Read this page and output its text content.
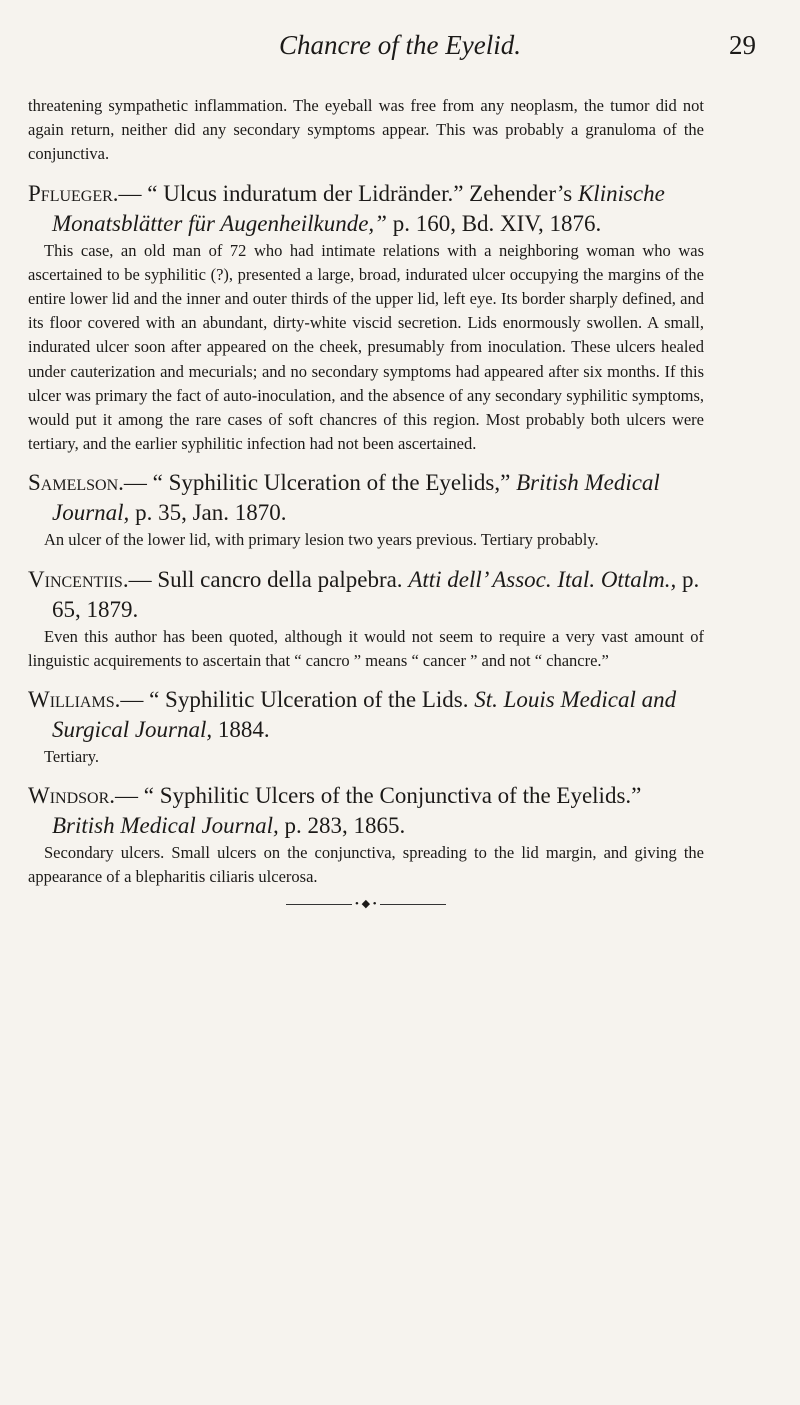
Chancre of the Eyelid.	29

threatening sympathetic inflammation. The eyeball was free from any neoplasm, the tumor did not again return, neither did any secondary symptoms appear. This was probably a granuloma of the conjunctiva.

Pflueger.— “ Ulcus induratum der Lidränder.” Zehender’s Klinische Monatsblätter für Augenheilkunde,” p. 160, Bd. XIV, 1876.

This case, an old man of 72 who had intimate relations with a neighboring woman who was ascertained to be syphilitic (?), presented a large, broad, indurated ulcer occupying the margins of the entire lower lid and the inner and outer thirds of the upper lid, left eye. Its border sharply defined, and its floor covered with an abundant, dirty-white viscid secretion. Lids enormously swollen. A small, indurated ulcer soon after appeared on the cheek, presumably from inoculation. These ulcers healed under cauterization and mecurials; and no secondary symptoms had appeared after six months. If this ulcer was primary the fact of auto-inoculation, and the absence of any secondary syphilitic symptoms, would put it among the rare cases of soft chancres of this region. Most probably both ulcers were tertiary, and the earlier syphilitic infection had not been ascertained.

Samelson.— “ Syphilitic Ulceration of the Eyelids,” British Medical Journal, p. 35, Jan. 1870.

An ulcer of the lower lid, with primary lesion two years previous. Tertiary probably.

Vincentiis.— Sull cancro della palpebra. Atti dell’ Assoc. Ital. Ottalm., p. 65, 1879.

Even this author has been quoted, although it would not seem to require a very vast amount of linguistic acquirements to ascertain that “ cancro ” means “ cancer ” and not “ chancre.”

Williams.— “ Syphilitic Ulceration of the Lids. St. Louis Medical and Surgical Journal, 1884.

Tertiary.

Windsor.— “ Syphilitic Ulcers of the Conjunctiva of the Eyelids.” British Medical Journal, p. 283, 1865.

Secondary ulcers. Small ulcers on the conjunctiva, spreading to the lid margin, and giving the appearance of a blepharitis ciliaris ulcerosa.

• ◆ •
